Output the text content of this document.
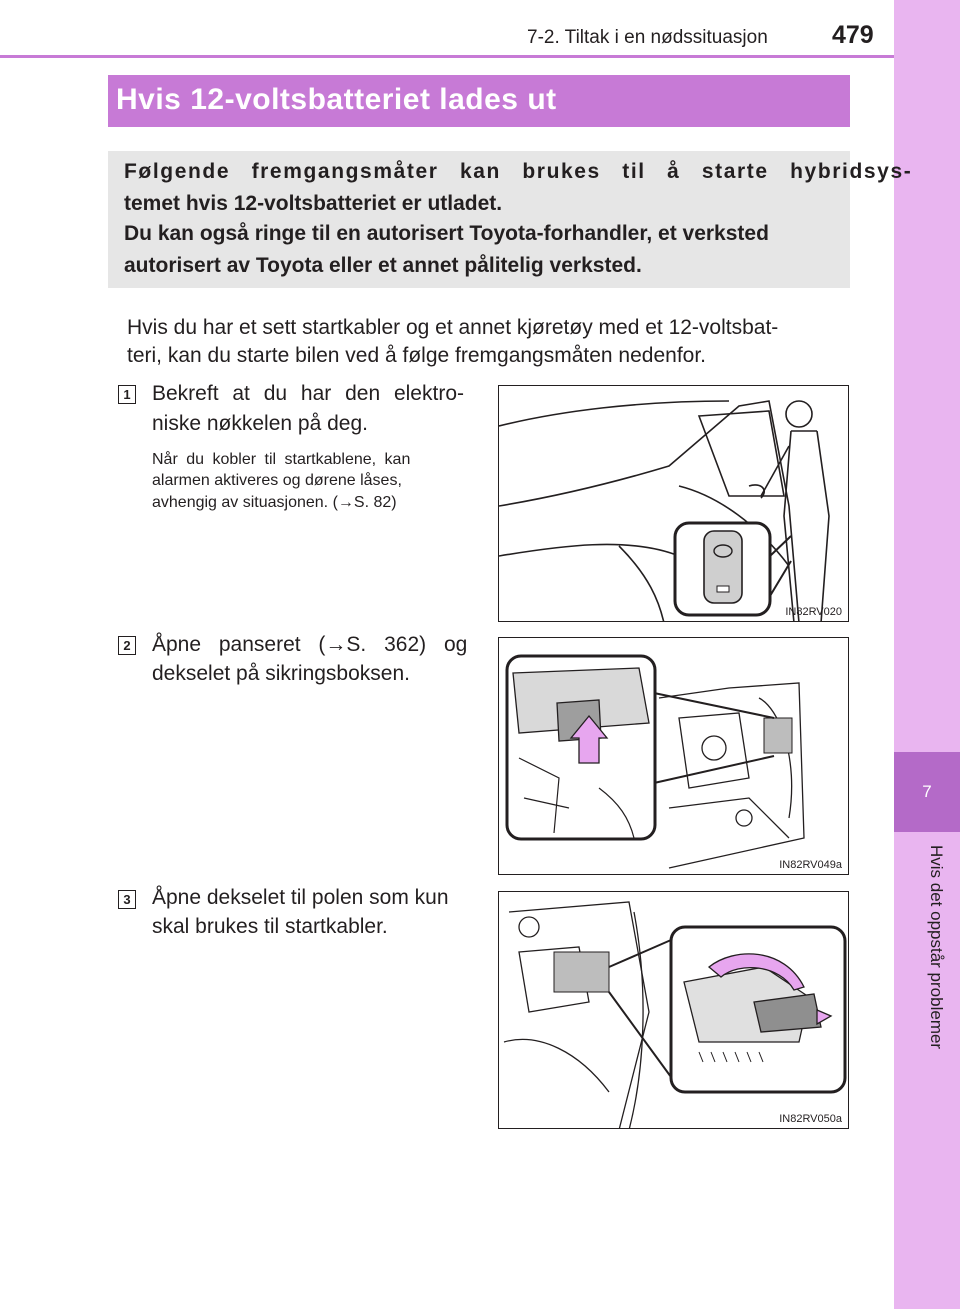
7
Hvis det oppstår problemer
7-2. Tiltak i en nødssituasjon	479
Hvis 12-voltsbatteriet lades ut
Følgende fremgangsmåter kan brukes til å starte hybridsys-
temet hvis 12-voltsbatteriet er utladet.
Du kan også ringe til en autorisert Toyota-forhandler, et verksted
autorisert av Toyota eller et annet pålitelig verksted.
Hvis du har et sett startkabler og et annet kjøretøy med et 12-voltsbat-
teri, kan du starte bilen ved å følge fremgangsmåten nedenfor.
1 Bekreft at du har den elektro-
niske nøkkelen på deg.
Når du kobler til startkablene, kan
alarmen aktiveres og dørene låses,
avhengig av situasjonen. (→S. 82)
IN82RV020
2 Åpne panseret (→S. 362) og
dekselet på sikringsboksen.
IN82RV049a
3 Åpne dekselet til polen som kun
skal brukes til startkabler.
IN82RV050a
